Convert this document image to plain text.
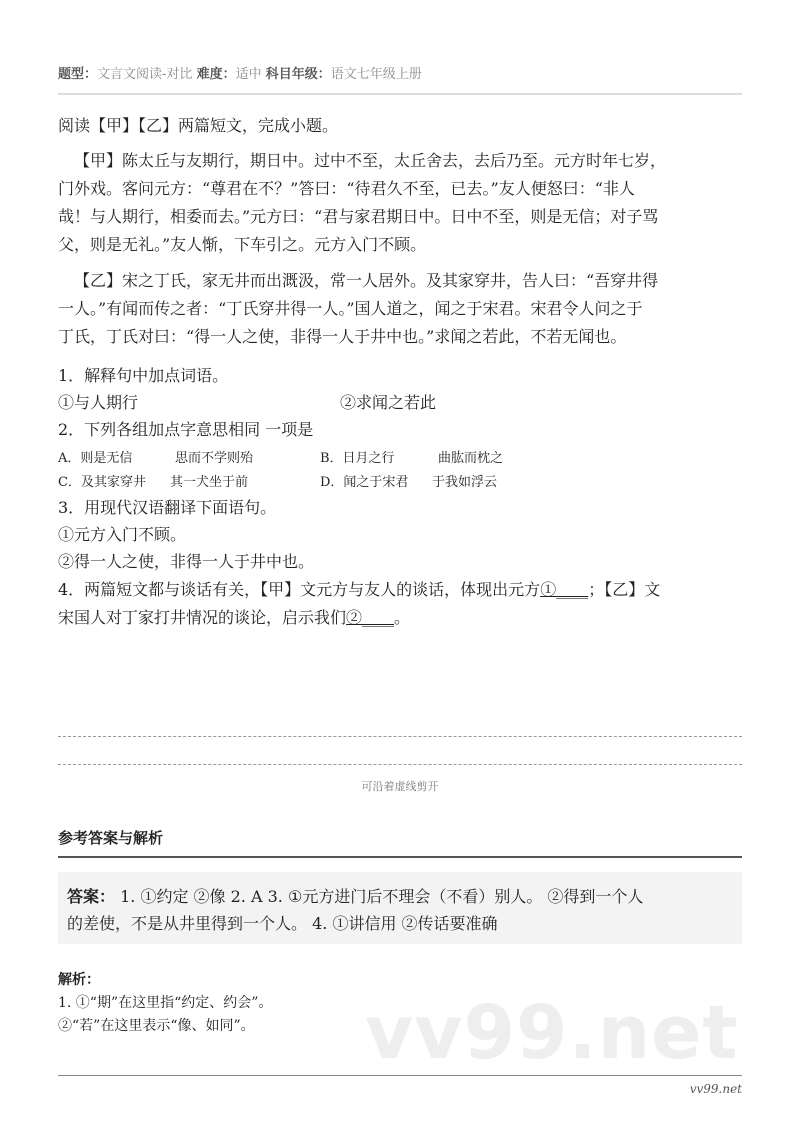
题型：文言文阅读-对比 难度：适中 科目年级：语文七年级上册
阅读【甲】【乙】两篇短文，完成小题。
【甲】陈太丘与友期行，期日中。过中不至，太丘舍去，去后乃至。元方时年七岁，
门外戏。客问元方：“尊君在不？”答曰：“待君久不至，已去。”友人便怒曰：“非人
哉！与人期行，相委而去。”元方曰：“君与家君期日中。日中不至，则是无信；对子骂
父，则是无礼。”友人惭，下车引之。元方入门不顾。
【乙】宋之丁氏，家无井而出溉汲，常一人居外。及其家穿井，告人曰：“吾穿井得
一人。”有闻而传之者：“丁氏穿井得一人。”国人道之，闻之于宋君。宋君令人问之于
丁氏，丁氏对曰：“得一人之使，非得一人于井中也。”求闻之若此，不若无闻也。
1．解释句中加点词语。
①与人期行	②求闻之若此
2．下列各组加点字意思相同 一项是
A．则是无信	思而不学则殆	B．日月之行	曲肱而枕之
C．及其家穿井 其一犬坐于前	D．闻之于宋君 于我如浮云
3．用现代汉语翻译下面语句。
①元方入门不顾。
②得一人之使，非得一人于井中也。
4．两篇短文都与谈话有关，【甲】文元方与友人的谈话，体现出元方①____；【乙】文
宋国人对丁家打井情况的谈论，启示我们②____。
可沿着虚线剪开
参考答案与解析
答案： 1. ①约定 ②像 2. A 3. ①元方进门后不理会（不看）别人。 ②得到一个人
的差使，不是从井里得到一个人。 4. ①讲信用 ②传话要准确
vv99.net
解析：
1. ①“期”在这里指“约定、约会”。
②“若”在这里表示“像、如同”。
vv99.net
